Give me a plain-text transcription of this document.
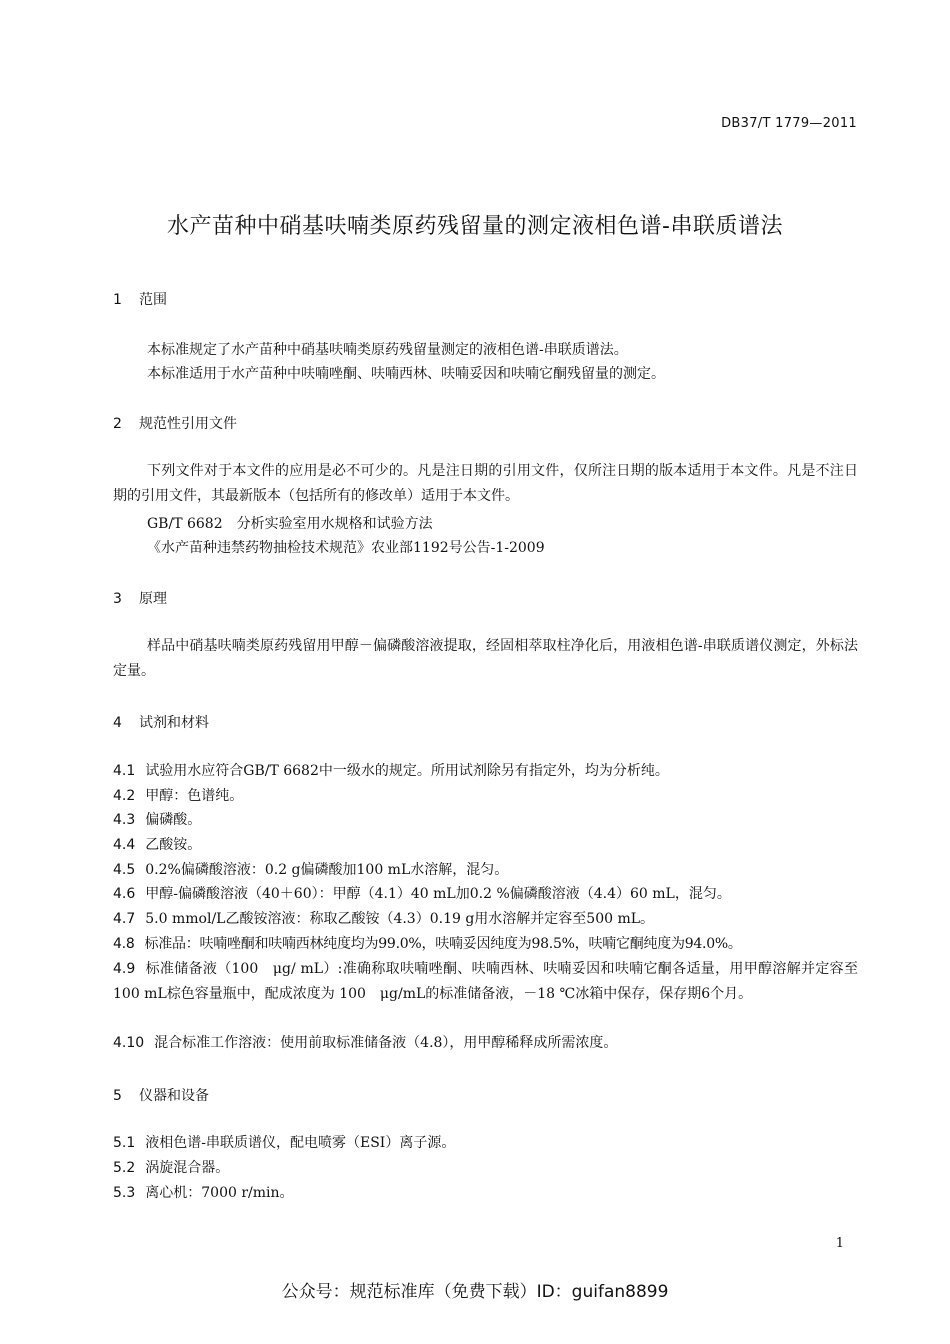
DB37/T 1779—2011
水产苗种中硝基呋喃类原药残留量的测定液相色谱-串联质谱法
1 范围
本标准规定了水产苗种中硝基呋喃类原药残留量测定的液相色谱-串联质谱法。
本标准适用于水产苗种中呋喃唑酮、呋喃西林、呋喃妥因和呋喃它酮残留量的测定。
2 规范性引用文件
下列文件对于本文件的应用是必不可少的。凡是注日期的引用文件，仅所注日期的版本适用于本文件。凡是不注日期的引用文件，其最新版本（包括所有的修改单）适用于本文件。
GB/T 6682　分析实验室用水规格和试验方法
《水产苗种违禁药物抽检技术规范》农业部1192号公告-1-2009
3 原理
样品中硝基呋喃类原药残留用甲醇－偏磷酸溶液提取，经固相萃取柱净化后，用液相色谱-串联质谱仪测定，外标法定量。
4 试剂和材料
4.1 试验用水应符合GB/T 6682中一级水的规定。所用试剂除另有指定外，均为分析纯。
4.2 甲醇：色谱纯。
4.3 偏磷酸。
4.4 乙酸铵。
4.5 0.2%偏磷酸溶液：0.2 g偏磷酸加100 mL水溶解，混匀。
4.6 甲醇-偏磷酸溶液（40＋60）：甲醇（4.1）40 mL加0.2 %偏磷酸溶液（4.4）60 mL，混匀。
4.7 5.0 mmol/L乙酸铵溶液：称取乙酸铵（4.3）0.19 g用水溶解并定容至500 mL。
4.8 标准品：呋喃唑酮和呋喃西林纯度均为99.0%，呋喃妥因纯度为98.5%，呋喃它酮纯度为94.0%。
4.9 标准储备液（100　μg/ mL）:准确称取呋喃唑酮、呋喃西林、呋喃妥因和呋喃它酮各适量，用甲醇溶解并定容至100 mL棕色容量瓶中，配成浓度为 100　μg/mL的标准储备液，－18 ℃冰箱中保存，保存期6个月。
4.10 混合标准工作溶液：使用前取标准储备液（4.8），用甲醇稀释成所需浓度。
5 仪器和设备
5.1 液相色谱-串联质谱仪，配电喷雾（ESI）离子源。
5.2 涡旋混合器。
5.3 离心机：7000 r/min。
1
公众号：规范标准库（免费下载）ID：guifan8899
